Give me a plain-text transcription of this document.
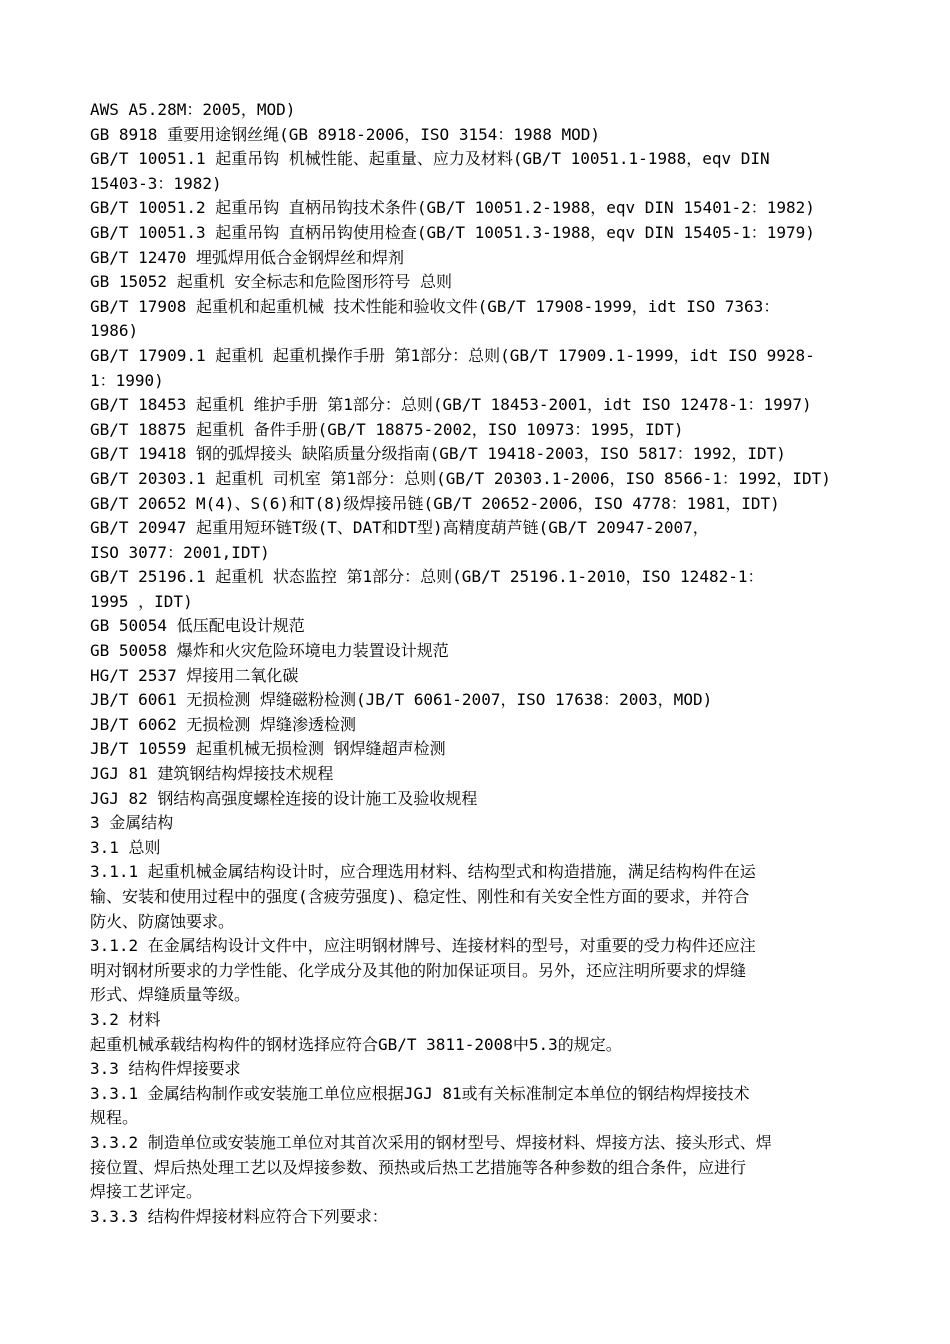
AWS A5.28M：2005，MOD)
GB 8918 重要用途钢丝绳(GB 8918-2006，ISO 3154：1988 MOD)
GB/T 10051.1 起重吊钩 机械性能、起重量、应力及材料(GB/T 10051.1-1988，eqv DIN
15403-3：1982)
GB/T 10051.2 起重吊钩 直柄吊钩技术条件(GB/T 10051.2-1988，eqv DIN 15401-2：1982)
GB/T 10051.3 起重吊钩 直柄吊钩使用检查(GB/T 10051.3-1988，eqv DIN 15405-1：1979)
GB/T 12470 埋弧焊用低合金钢焊丝和焊剂
GB 15052 起重机 安全标志和危险图形符号 总则
GB/T 17908 起重机和起重机械 技术性能和验收文件(GB/T 17908-1999，idt ISO 7363：
1986)
GB/T 17909.1 起重机 起重机操作手册 第1部分：总则(GB/T 17909.1-1999，idt ISO 9928-
1：1990)
GB/T 18453 起重机 维护手册 第1部分：总则(GB/T 18453-2001，idt ISO 12478-1：1997)
GB/T 18875 起重机 备件手册(GB/T 18875-2002，ISO 10973：1995，IDT)
GB/T 19418 钢的弧焊接头 缺陷质量分级指南(GB/T 19418-2003，ISO 5817：1992，IDT)
GB/T 20303.1 起重机 司机室 第1部分：总则(GB/T 20303.1-2006，ISO 8566-1：1992，IDT)
GB/T 20652 M(4)、S(6)和T(8)级焊接吊链(GB/T 20652-2006，ISO 4778：1981，IDT)
GB/T 20947 起重用短环链T级(T、DAT和DT型)高精度葫芦链(GB/T 20947-2007，
ISO 3077：2001,IDT)
GB/T 25196.1 起重机 状态监控 第1部分：总则(GB/T 25196.1-2010，ISO 12482-1：
1995 ，IDT)
GB 50054 低压配电设计规范
GB 50058 爆炸和火灾危险环境电力装置设计规范
HG/T 2537 焊接用二氧化碳
JB/T 6061 无损检测 焊缝磁粉检测(JB/T 6061-2007，ISO 17638：2003，MOD)
JB/T 6062 无损检测 焊缝渗透检测
JB/T 10559 起重机械无损检测 钢焊缝超声检测
JGJ 81 建筑钢结构焊接技术规程
JGJ 82 钢结构高强度螺栓连接的设计施工及验收规程
3 金属结构
3.1 总则
3.1.1 起重机械金属结构设计时，应合理选用材料、结构型式和构造措施，满足结构构件在运
输、安装和使用过程中的强度(含疲劳强度)、稳定性、刚性和有关安全性方面的要求，并符合
防火、防腐蚀要求。
3.1.2 在金属结构设计文件中，应注明钢材牌号、连接材料的型号，对重要的受力构件还应注
明对钢材所要求的力学性能、化学成分及其他的附加保证项目。另外，还应注明所要求的焊缝
形式、焊缝质量等级。
3.2 材料
起重机械承载结构构件的钢材选择应符合GB/T 3811-2008中5.3的规定。
3.3 结构件焊接要求
3.3.1 金属结构制作或安装施工单位应根据JGJ 81或有关标准制定本单位的钢结构焊接技术
规程。
3.3.2 制造单位或安装施工单位对其首次采用的钢材型号、焊接材料、焊接方法、接头形式、焊
接位置、焊后热处理工艺以及焊接参数、预热或后热工艺措施等各种参数的组合条件，应进行
焊接工艺评定。
3.3.3 结构件焊接材料应符合下列要求：
